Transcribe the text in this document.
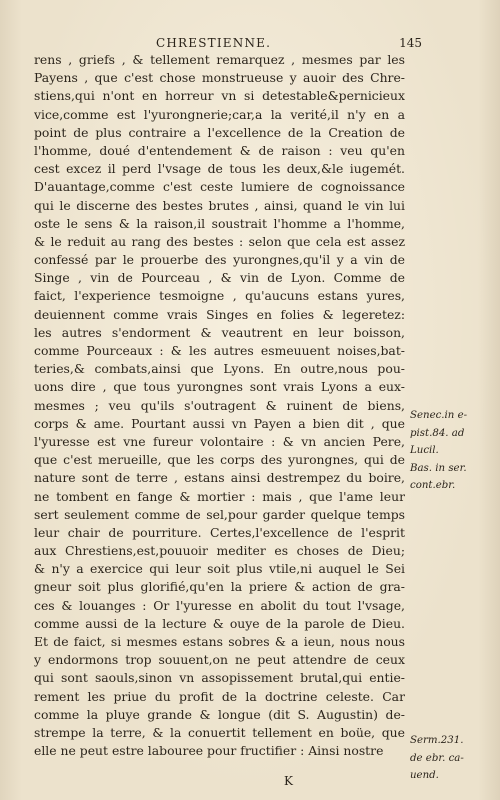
CHRESTIENNE.	145
rens , griefs , & tellement remarquez , mesmes par les
Payens , que c'est chose monstrueuse y auoir des Chre-
stiens,qui n'ont en horreur vn si detestable&pernicieux
vice,comme est l'yurongnerie;car,a la verité,il n'y en a
point de plus contraire a l'excellence de la Creation de
l'homme, doué d'entendement & de raison : veu qu'en
cest excez il perd l'vsage de tous les deux,&le iugemét.
D'auantage,comme c'est ceste lumiere de cognoissance
qui le discerne des bestes brutes , ainsi, quand le vin lui
oste le sens & la raison,il soustrait l'homme a l'homme,
& le reduit au rang des bestes : selon que cela est assez
confessé par le prouerbe des yurongnes,qu'il y a vin de
Singe , vin de Pourceau , & vin de Lyon. Comme de
faict, l'experience tesmoigne , qu'aucuns estans yures,
deuiennent comme vrais Singes en folies & legeretez:
les autres s'endorment & veautrent en leur boisson,
comme Pourceaux : & les autres esmeuuent noises,bat-
teries,& combats,ainsi que Lyons. En outre,nous pou-
uons dire , que tous yurongnes sont vrais Lyons a eux-
mesmes ; veu qu'ils s'outragent & ruinent de biens,
corps & ame. Pourtant aussi vn Payen a bien dit , que
l'yuresse est vne fureur volontaire : & vn ancien Pere,
que c'est merueille, que les corps des yurongnes, qui de
nature sont de terre , estans ainsi destrempez du boire,
ne tombent en fange & mortier : mais , que l'ame leur
sert seulement comme de sel,pour garder quelque temps
leur chair de pourriture. Certes,l'excellence de l'esprit
aux Chrestiens,est,pouuoir mediter es choses de Dieu;
& n'y a exercice qui leur soit plus vtile,ni auquel le Sei
gneur soit plus glorifié,qu'en la priere & action de gra-
ces & louanges : Or l'yuresse en abolit du tout l'vsage,
comme aussi de la lecture & ouye de la parole de Dieu.
Et de faict, si mesmes estans sobres & a ieun, nous nous
y endormons trop souuent,on ne peut attendre de ceux
qui sont saouls,sinon vn assopissement brutal,qui entie-
rement les priue du profit de la doctrine celeste. Car
comme la pluye grande & longue (dit S. Augustin) de-
strempe la terre, & la conuertit tellement en boüe, que
elle ne peut estre labouree pour fructifier : Ainsi nostre
Senec.in e-
pist.84. ad
Lucil.
Bas. in ser.
cont.ebr.
Serm.231.
de ebr. ca-
uend.
K
